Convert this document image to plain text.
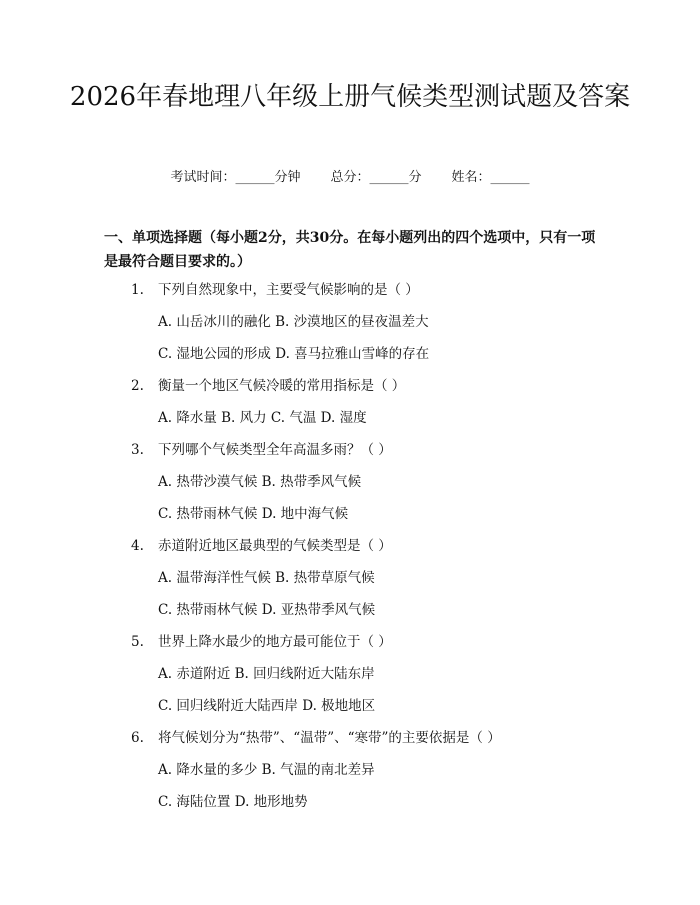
2026年春地理八年级上册气候类型测试题及答案
考试时间：______分钟 总分：______分 姓名：______

一、单项选择题（每小题2分，共30分。在每小题列出的四个选项中，只有一项是最符合题目要求的。）

1. 下列自然现象中，主要受气候影响的是（ ）
A. 山岳冰川的融化 B. 沙漠地区的昼夜温差大
C. 湿地公园的形成 D. 喜马拉雅山雪峰的存在
2. 衡量一个地区气候冷暖的常用指标是（ ）
A. 降水量 B. 风力 C. 气温 D. 湿度
3. 下列哪个气候类型全年高温多雨？（ ）
A. 热带沙漠气候 B. 热带季风气候
C. 热带雨林气候 D. 地中海气候
4. 赤道附近地区最典型的气候类型是（ ）
A. 温带海洋性气候 B. 热带草原气候
C. 热带雨林气候 D. 亚热带季风气候
5. 世界上降水最少的地方最可能位于（ ）
A. 赤道附近 B. 回归线附近大陆东岸
C. 回归线附近大陆西岸 D. 极地地区
6. 将气候划分为“热带”、“温带”、“寒带”的主要依据是（ ）
A. 降水量的多少 B. 气温的南北差异
C. 海陆位置 D. 地形地势
